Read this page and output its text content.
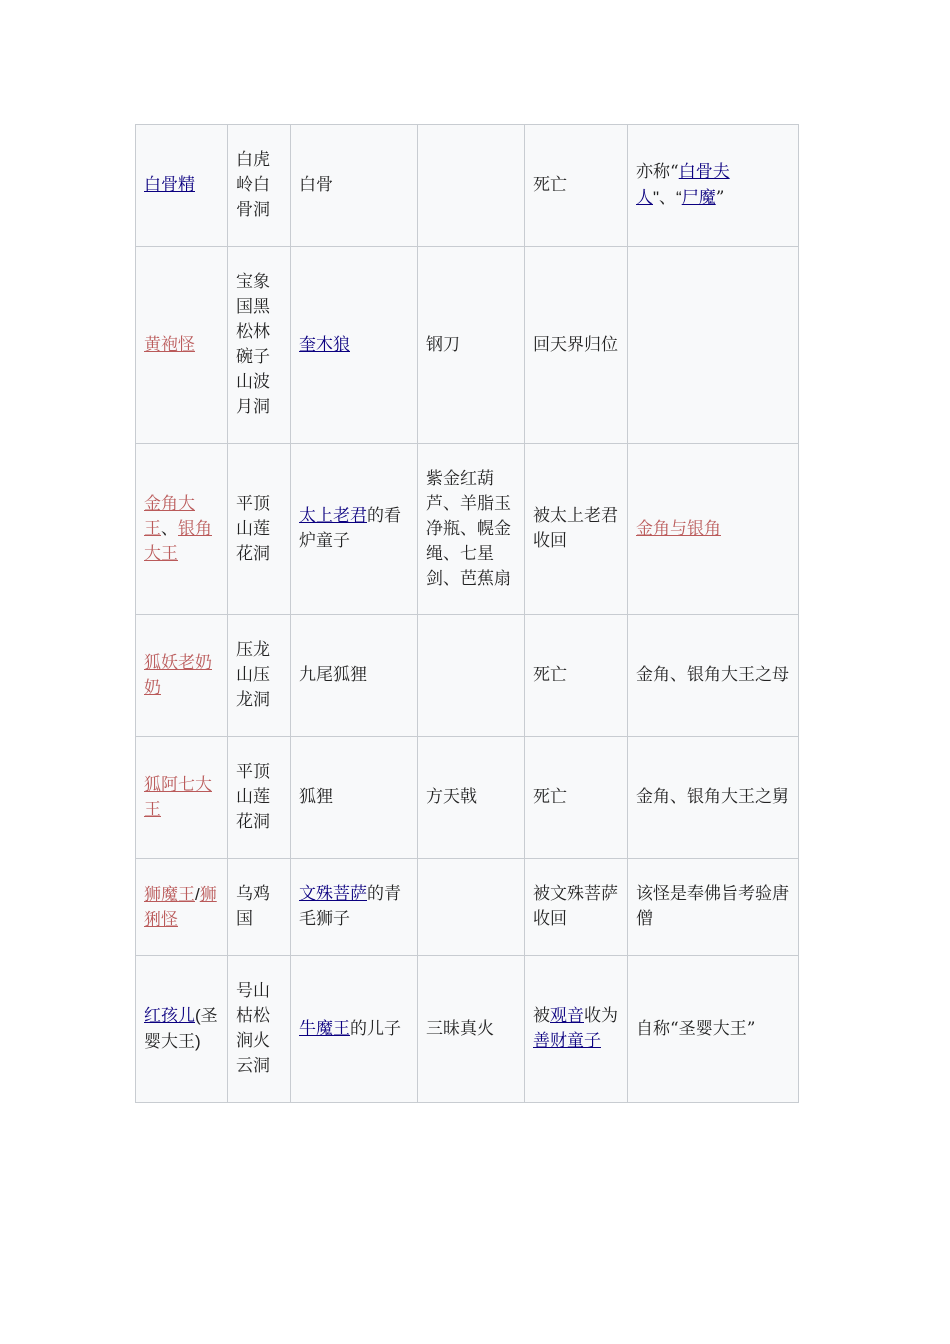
白骨精	白虎岭白骨洞	白骨		死亡	亦称“白骨夫人"、“尸魔”
黄袍怪	宝象国黑松林碗子山波月洞	奎木狼	钢刀	回天界归位	
金角大王、银角大王	平顶山莲花洞	太上老君的看炉童子	紫金红葫芦、羊脂玉净瓶、幌金绳、七星剑、芭蕉扇	被太上老君收回	金角与银角
狐妖老奶奶	压龙山压龙洞	九尾狐狸		死亡	金角、银角大王之母
狐阿七大王	平顶山莲花洞	狐狸	方天戟	死亡	金角、银角大王之舅
狮魔王/狮猁怪	乌鸡国	文殊菩萨的青毛狮子		被文殊菩萨收回	该怪是奉佛旨考验唐僧
红孩儿(圣婴大王)	号山枯松涧火云洞	牛魔王的儿子	三昧真火	被观音收为善财童子	自称“圣婴大王”
